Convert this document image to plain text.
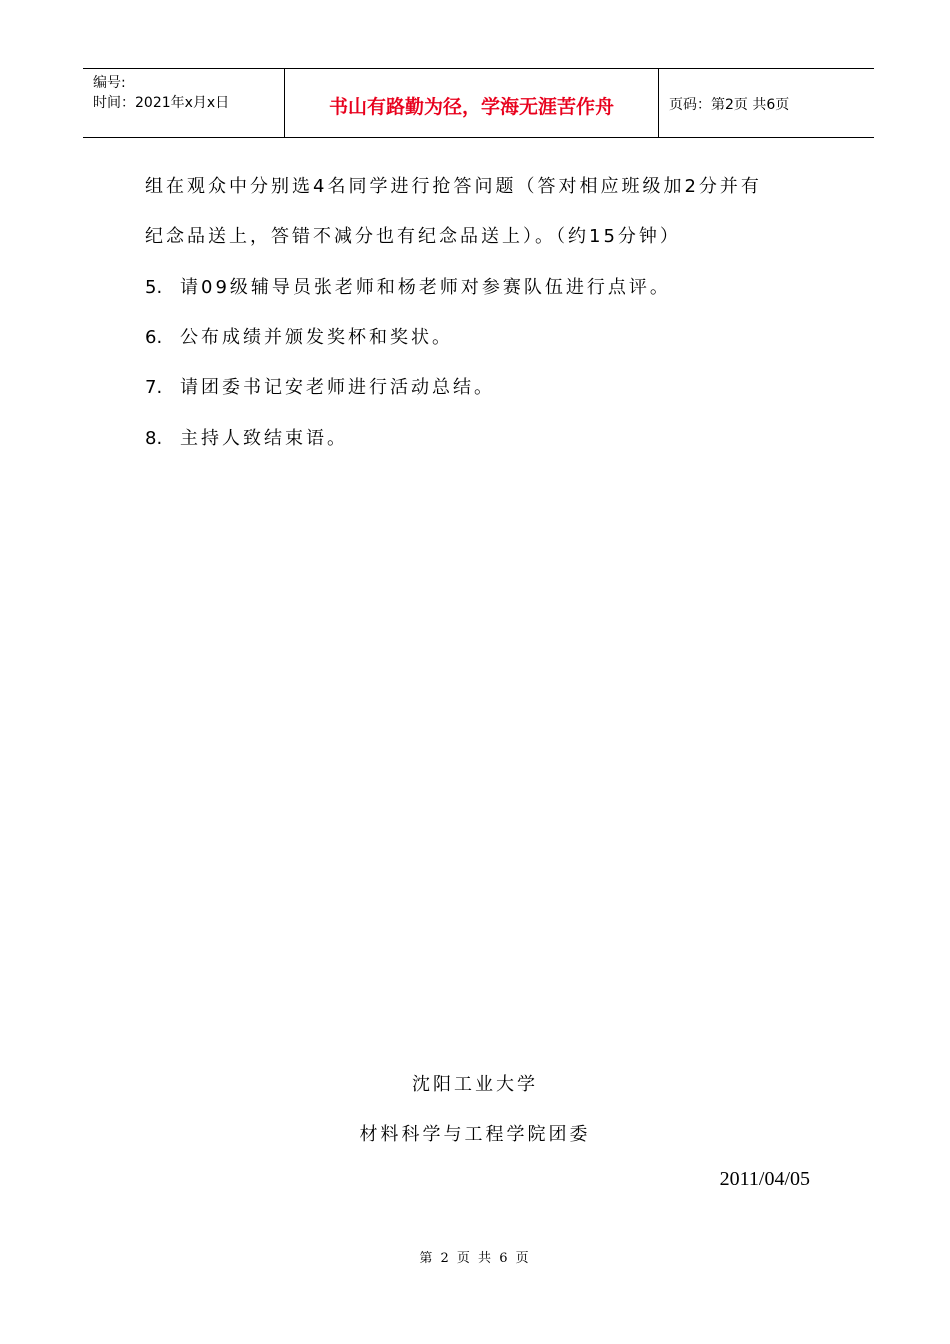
编号:
时间：2021年x月x日	书山有路勤为径，学海无涯苦作舟	页码：第2页 共6页
组在观众中分别选4名同学进行抢答问题（答对相应班级加2分并有
纪念品送上，答错不减分也有纪念品送上）。（约15分钟）
5. 请09级辅导员张老师和杨老师对参赛队伍进行点评。
6. 公布成绩并颁发奖杯和奖状。
7. 请团委书记安老师进行活动总结。
8. 主持人致结束语。
沈阳工业大学
材料科学与工程学院团委
2011/04/05
第 2 页 共 6 页
